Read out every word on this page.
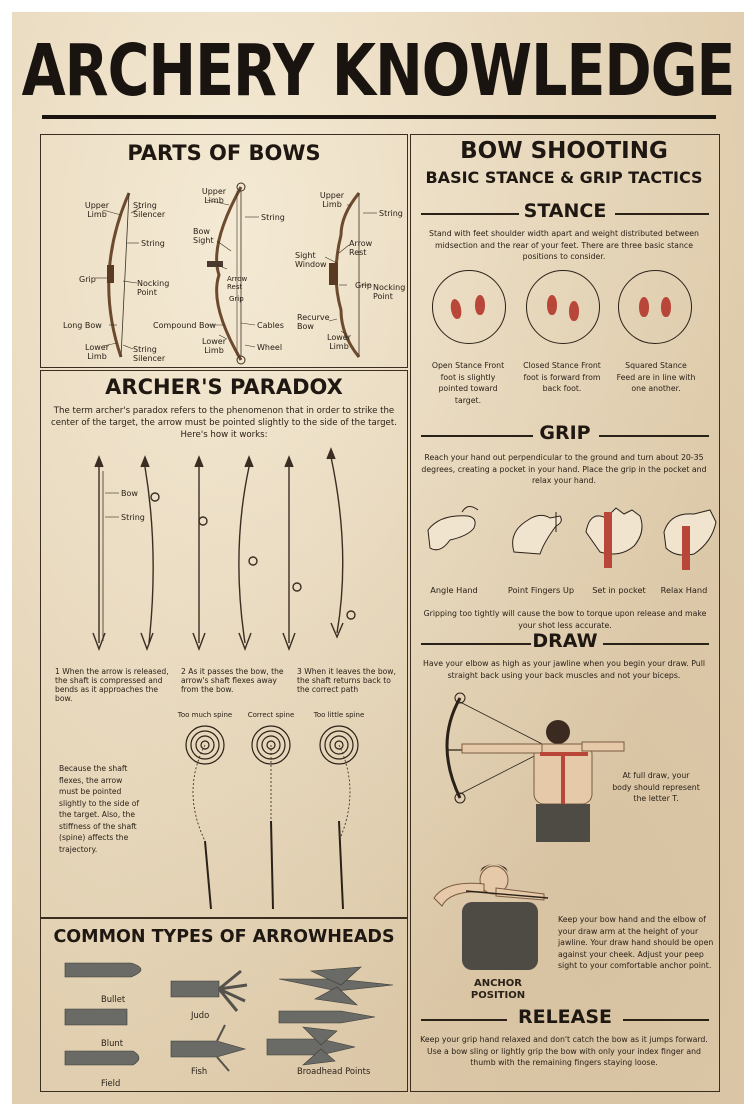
ARCHERY KNOWLEDGE
PARTS OF BOWS
Upper Limb
String Silencer
String
Grip	Nocking Point
Long Bow
Lower Limb
String Silencer
Upper Limb
Bow Sight
String
Arrow Rest
Grip
Compound Bow	Cables
Lower Limb	Wheel
Upper Limb
String
Sight Window
Arrow Rest
Grip Nocking Point
Recurve Bow
Lower Limb
ARCHER'S PARADOX
The term archer's paradox refers to the phenomenon that in order to strike the center of the target, the arrow must be pointed slightly to the side of the target. Here's how it works:
Bow
String
1 When the arrow is released, the shaft is compressed and bends as it approaches the bow.
2 As it passes the bow, the arrow's shaft flexes away from the bow.
3 When it leaves the bow, the shaft returns back to the correct path
Too much spine	Correct spine	Too little spine
Because the shaft flexes, the arrow must be pointed slightly to the side of the target. Also, the stiffness of the shaft (spine) affects the trajectory.
COMMON TYPES OF ARROWHEADS
Bullet
Judo
Blunt
Fish
Field
Broadhead Points
BOW SHOOTING
BASIC STANCE & GRIP TACTICS
STANCE
Stand with feet shoulder width apart and weight distributed between midsection and the rear of your feet. There are three basic stance positions to consider.
Open Stance Front foot is slightly pointed toward target.
Closed Stance Front foot is forward from back foot.
Squared Stance Feed are in line with one another.
GRIP
Reach your hand out perpendicular to the ground and turn about 20-35 degrees, creating a pocket in your hand. Place the grip in the pocket and relax your hand.
Angle Hand	Point Fingers Up	Set in pocket	Relax Hand
Gripping too tightly will cause the bow to torque upon release and make your shot less accurate.
DRAW
Have your elbow as high as your jawline when you begin your draw. Pull straight back using your back muscles and not your biceps.
At full draw, your body should represent the letter T.
Keep your bow hand and the elbow of your draw arm at the height of your jawline. Your draw hand should be open against your cheek. Adjust your peep sight to your comfortable anchor point.
ANCHOR POSITION
RELEASE
Keep your grip hand relaxed and don't catch the bow as it jumps forward. Use a bow sling or lightly grip the bow with only your index finger and thumb with the remaining fingers staying loose.
